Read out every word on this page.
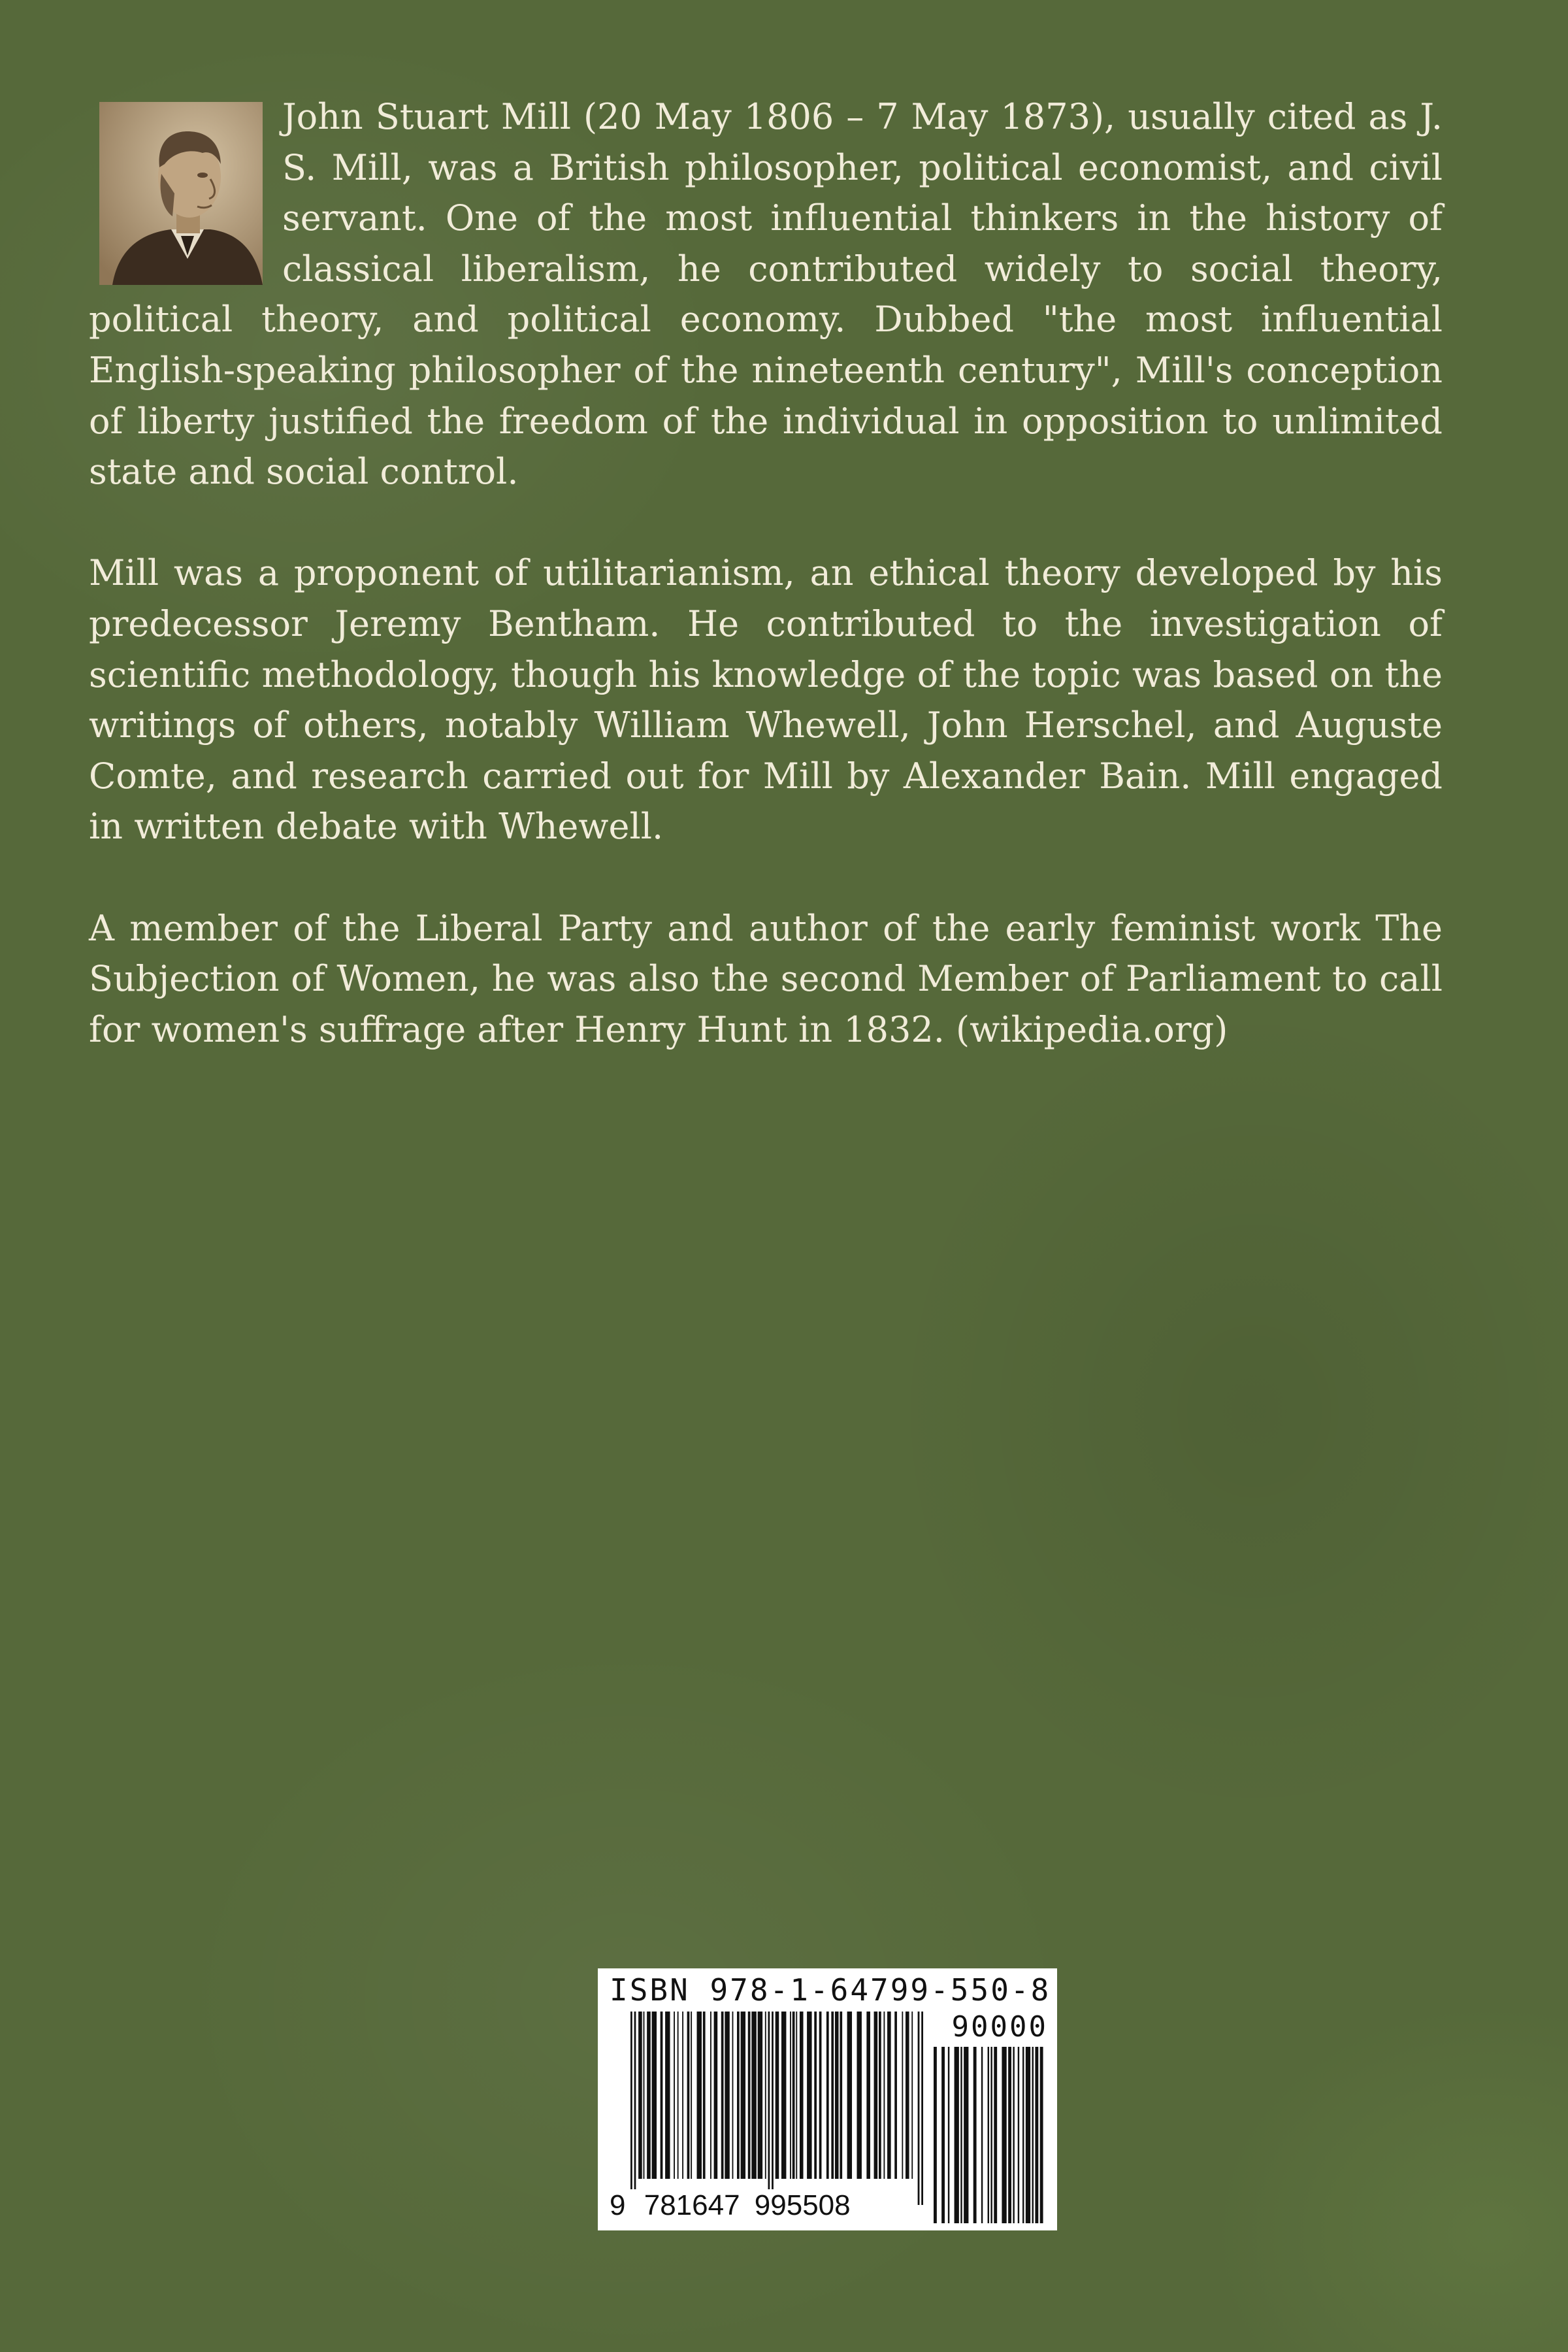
John Stuart Mill (20 May 1806 – 7 May 1873), usually cited as J. S. Mill, was a British philosopher, political economist, and civil servant. One of the most influential thinkers in the history of classical liberalism, he contributed widely to social theory, political theory, and political economy. Dubbed "the most influential English-speaking philosopher of the nineteenth century", Mill's conception of liberty justified the freedom of the individual in opposition to unlimited state and social control.

Mill was a proponent of utilitarianism, an ethical theory developed by his predecessor Jeremy Bentham. He contributed to the investigation of scientific methodology, though his knowledge of the topic was based on the writings of others, notably William Whewell, John Herschel, and Auguste Comte, and research carried out for Mill by Alexander Bain. Mill engaged in written debate with Whewell.

A member of the Liberal Party and author of the early feminist work The Subjection of Women, he was also the second Member of Parliament to call for women's suffrage after Henry Hunt in 1832. (wikipedia.org)

ISBN 978-1-64799-550-8
90000
9 781647 995508
